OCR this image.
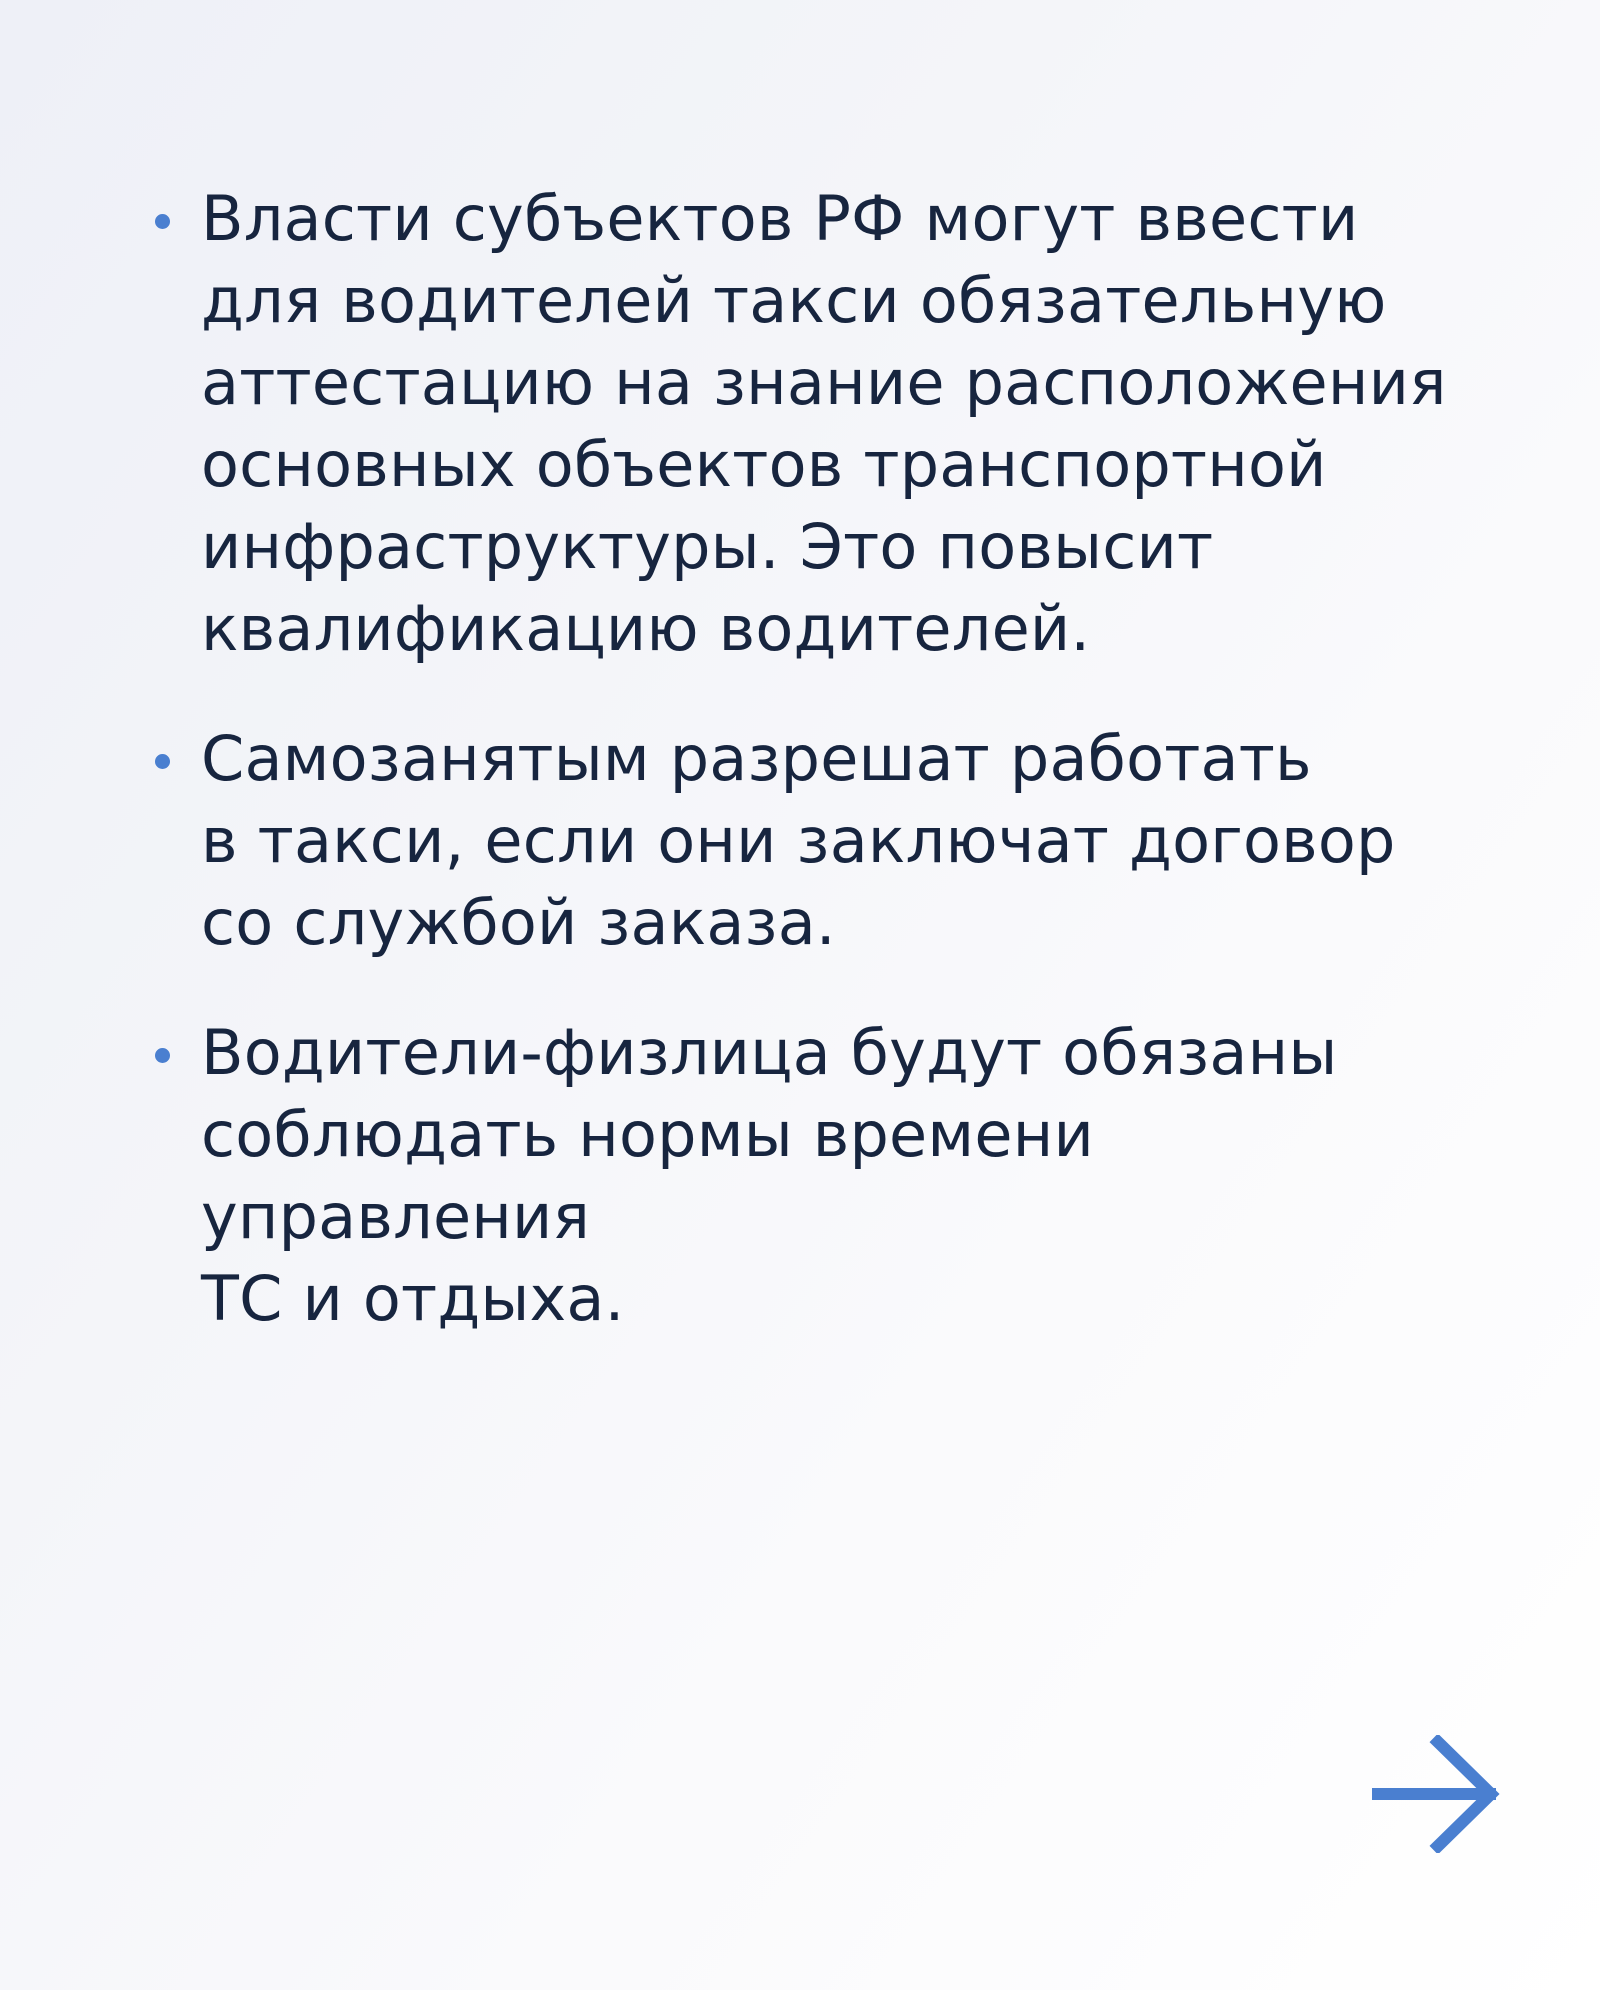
Власти субъектов РФ могут ввести
для водителей такси обязательную
аттестацию на знание расположения
основных объектов транспортной
инфраструктуры. Это повысит
квалификацию водителей.
Самозанятым разрешат работать
в такси, если они заключат договор
со службой заказа.
Водители-физлица будут обязаны
соблюдать нормы времени управления
ТС и отдыха.
